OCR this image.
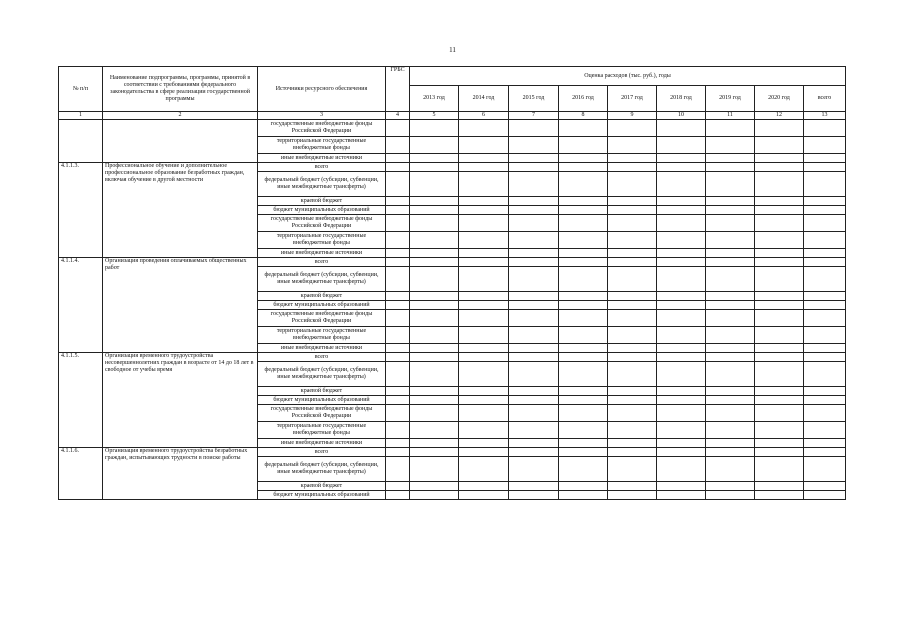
11
№ п/п	Наименование подпрограммы, программы, принятой в соответствии с требованиями федерального законодательства в сфере реализации государственной программы	Источники ресурсного обеспечения	ГРБС	Оценка расходов (тыс. руб.), годы								
				2013 год	2014 год	2015 год	2016 год	2017 год	2018 год	2019 год	2020 год	всего
1	2	3	4	5	6	7	8	9	10	11	12	13
		государственные внебюджетные фонды Российской Федерации										
		территориальные государственные внебюджетные фонды										
		иные внебюджетные источники										
4.1.1.3.	Профессиональное обучение и дополнительное профессиональное образование безработных граждан, включая обучение в другой местности	всего										
		федеральный бюджет (субсидии, субвенции, иные межбюджетные трансферты)										
		краевой бюджет										
		бюджет муниципальных образований										
		государственные внебюджетные фонды Российской Федерации										
		территориальные государственные внебюджетные фонды										
		иные внебюджетные источники										
4.1.1.4.	Организация проведения оплачиваемых общественных работ	всего										
		федеральный бюджет (субсидии, субвенции, иные межбюджетные трансферты)										
		краевой бюджет										
		бюджет муниципальных образований										
		государственные внебюджетные фонды Российской Федерации										
		территориальные государственные внебюджетные фонды										
		иные внебюджетные источники										
4.1.1.5.	Организация временного трудоустройства несовершеннолетних граждан в возрасте от 14 до 18 лет в свободное от учебы время	всего										
		федеральный бюджет (субсидии, субвенции, иные межбюджетные трансферты)										
		краевой бюджет										
		бюджет муниципальных образований										
		государственные внебюджетные фонды Российской Федерации										
		территориальные государственные внебюджетные фонды										
		иные внебюджетные источники										
4.1.1.6.	Организация временного трудоустройства безработных граждан, испытывающих трудности в поиске работы	всего										
		федеральный бюджет (субсидии, субвенции, иные межбюджетные трансферты)										
		краевой бюджет										
		бюджет муниципальных образований										
